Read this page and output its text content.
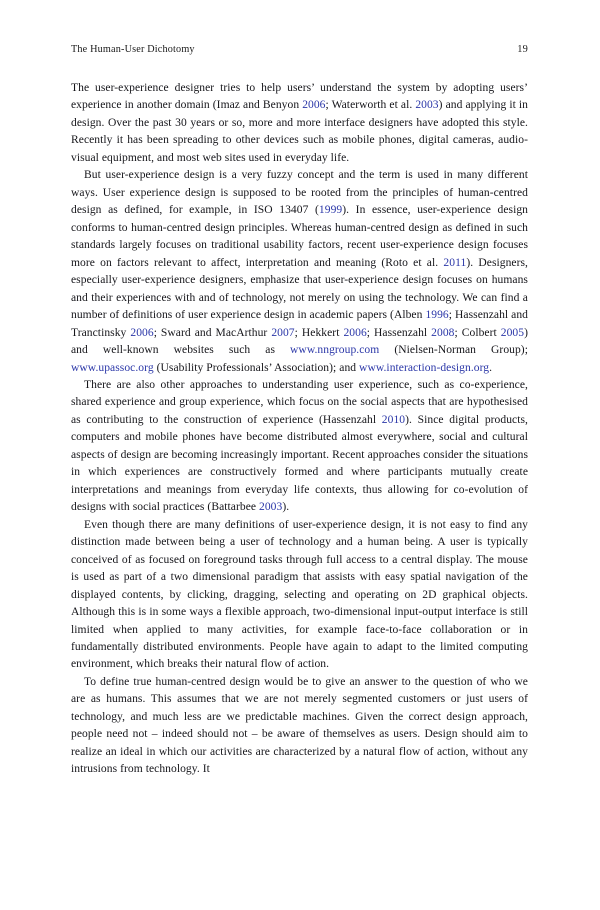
The Human-User Dichotomy	19

The user-experience designer tries to help users’ understand the system by adopting users’ experience in another domain (Imaz and Benyon 2006; Waterworth et al. 2003) and applying it in design. Over the past 30 years or so, more and more interface designers have adopted this style. Recently it has been spreading to other devices such as mobile phones, digital cameras, audio-visual equipment, and most web sites used in everyday life.

But user-experience design is a very fuzzy concept and the term is used in many different ways. User experience design is supposed to be rooted from the principles of human-centred design as defined, for example, in ISO 13407 (1999). In essence, user-experience design conforms to human-centred design principles. Whereas human-centred design as defined in such standards largely focuses on traditional usability factors, recent user-experience design focuses more on factors relevant to affect, interpretation and meaning (Roto et al. 2011). Designers, especially user-experience designers, emphasize that user-experience design focuses on humans and their experiences with and of technology, not merely on using the technology. We can find a number of definitions of user experience design in academic papers (Alben 1996; Hassenzahl and Tranctinsky 2006; Sward and MacArthur 2007; Hekkert 2006; Hassenzahl 2008; Colbert 2005) and well-known websites such as www.nngroup.com (Nielsen-Norman Group); www.upassoc.org (Usability Professionals’ Association); and www.interaction-design.org.

There are also other approaches to understanding user experience, such as co-experience, shared experience and group experience, which focus on the social aspects that are hypothesised as contributing to the construction of experience (Hassenzahl 2010). Since digital products, computers and mobile phones have become distributed almost everywhere, social and cultural aspects of design are becoming increasingly important. Recent approaches consider the situations in which experiences are constructively formed and where participants mutually create interpretations and meanings from everyday life contexts, thus allowing for co-evolution of designs with social practices (Battarbee 2003).

Even though there are many definitions of user-experience design, it is not easy to find any distinction made between being a user of technology and a human being. A user is typically conceived of as focused on foreground tasks through full access to a central display. The mouse is used as part of a two dimensional paradigm that assists with easy spatial navigation of the displayed contents, by clicking, dragging, selecting and operating on 2D graphical objects. Although this is in some ways a flexible approach, two-dimensional input-output interface is still limited when applied to many activities, for example face-to-face collaboration or in fundamentally distributed environments. People have again to adapt to the limited computing environment, which breaks their natural flow of action.

To define true human-centred design would be to give an answer to the question of who we are as humans. This assumes that we are not merely segmented customers or just users of technology, and much less are we predictable machines. Given the correct design approach, people need not – indeed should not – be aware of themselves as users. Design should aim to realize an ideal in which our activities are characterized by a natural flow of action, without any intrusions from technology. It
